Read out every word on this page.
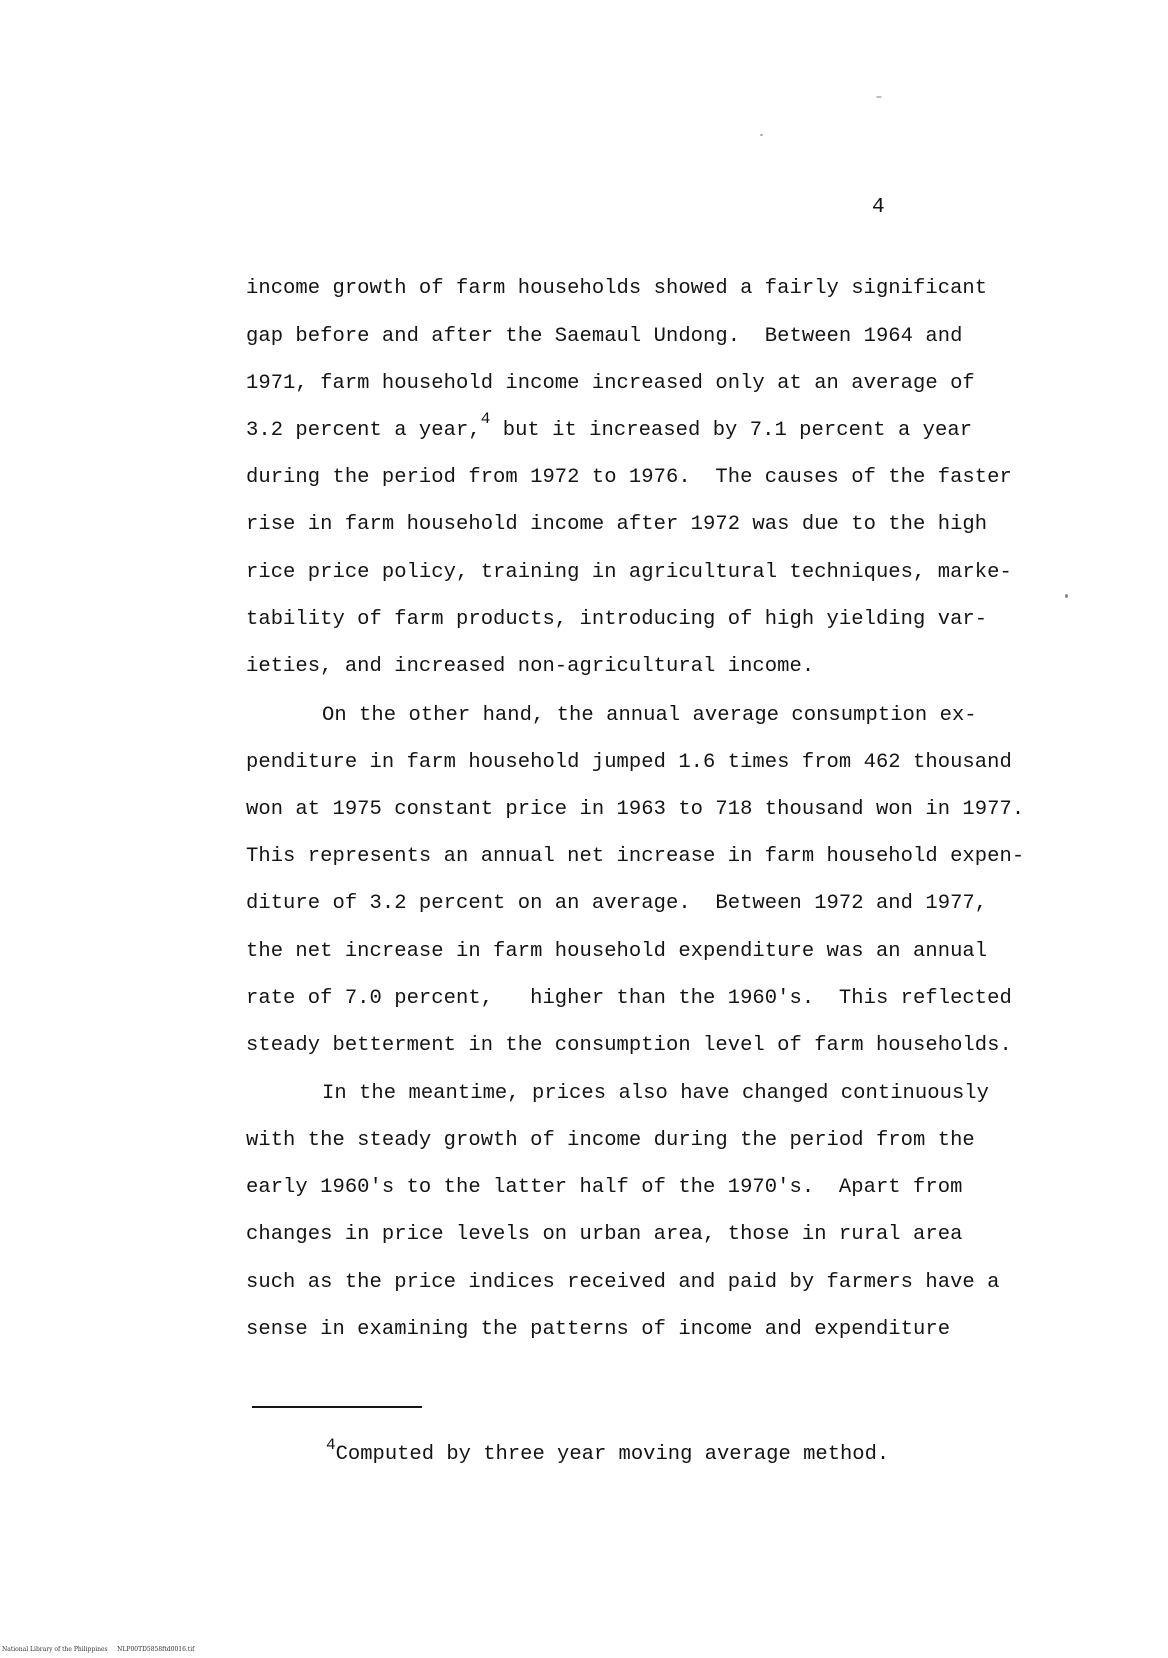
4
income growth of farm households showed a fairly significant
gap before and after the Saemaul Undong.  Between 1964 and
1971, farm household income increased only at an average of
3.2 percent a year,$^4$ but it increased by 7.1 percent a year
during the period from 1972 to 1976.  The causes of the faster
rise in farm household income after 1972 was due to the high
rice price policy, training in agricultural techniques, marke-
tability of farm products, introducing of high yielding var-
ieties, and increased non-agricultural income.
On the other hand, the annual average consumption ex-
penditure in farm household jumped 1.6 times from 462 thousand
won at 1975 constant price in 1963 to 718 thousand won in 1977.
This represents an annual net increase in farm household expen-
diture of 3.2 percent on an average.  Between 1972 and 1977,
the net increase in farm household expenditure was an annual
rate of 7.0 percent,   higher than the 1960's.  This reflected
steady betterment in the consumption level of farm households.
In the meantime, prices also have changed continuously
with the steady growth of income during the period from the
early 1960's to the latter half of the 1970's.  Apart from
changes in price levels on urban area, those in rural area
such as the price indices received and paid by farmers have a
sense in examining the patterns of income and expenditure
$^4$Computed by three year moving average method.
National Library of the Philippines NLP00TD5858ftd0016.tif
